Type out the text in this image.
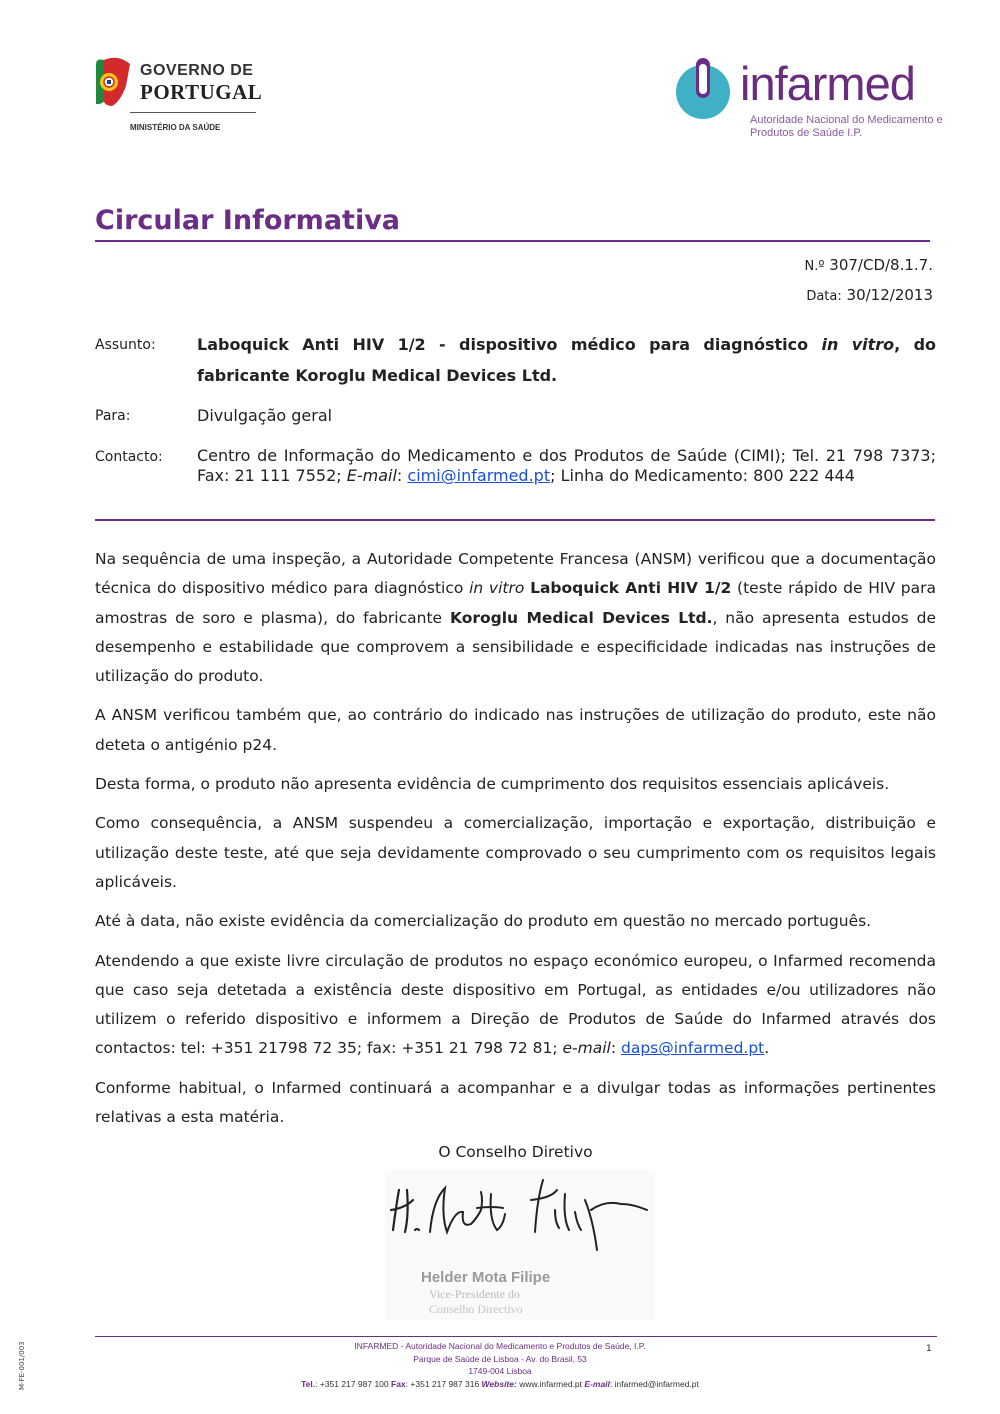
GOVERNO DE
PORTUGAL
MINISTÉRIO DA SAÚDE
infarmed
Autoridade Nacional do Medicamento e Produtos de Saúde I.P.
Circular Informativa
N.º 307/CD/8.1.7.
Data: 30/12/2013
Assunto:	Laboquick Anti HIV 1/2 - dispositivo médico para diagnóstico in vitro, do fabricante Koroglu Medical Devices Ltd.
Para:	Divulgação geral
Contacto: Centro de Informação do Medicamento e dos Produtos de Saúde (CIMI); Tel. 21 798 7373; Fax: 21 111 7552; E-mail: cimi@infarmed.pt; Linha do Medicamento: 800 222 444

Na sequência de uma inspeção, a Autoridade Competente Francesa (ANSM) verificou que a documentação técnica do dispositivo médico para diagnóstico in vitro Laboquick Anti HIV 1/2 (teste rápido de HIV para amostras de soro e plasma), do fabricante Koroglu Medical Devices Ltd., não apresenta estudos de desempenho e estabilidade que comprovem a sensibilidade e especificidade indicadas nas instruções de utilização do produto.

A ANSM verificou também que, ao contrário do indicado nas instruções de utilização do produto, este não deteta o antigénio p24.

Desta forma, o produto não apresenta evidência de cumprimento dos requisitos essenciais aplicáveis.

Como consequência, a ANSM suspendeu a comercialização, importação e exportação, distribuição e utilização deste teste, até que seja devidamente comprovado o seu cumprimento com os requisitos legais aplicáveis.

Até à data, não existe evidência da comercialização do produto em questão no mercado português.

Atendendo a que existe livre circulação de produtos no espaço económico europeu, o Infarmed recomenda que caso seja detetada a existência deste dispositivo em Portugal, as entidades e/ou utilizadores não utilizem o referido dispositivo e informem a Direção de Produtos de Saúde do Infarmed através dos contactos: tel: +351 21798 72 35; fax: +351 21 798 72 81; e-mail: daps@infarmed.pt.

Conforme habitual, o Infarmed continuará a acompanhar e a divulgar todas as informações pertinentes relativas a esta matéria.

O Conselho Diretivo
Helder Mota Filipe
Vice-Presidente do
Conselho Directivo
INFARMED - Autoridade Nacional do Medicamento e Produtos de Saúde, I.P.
Parque de Saúde de Lisboa - Av. do Brasil, 53
1749-004 Lisboa
Tel.: +351 217 987 100 Fax: +351 217 987 316 Website: www.infarmed.pt E-mail: infarmed@infarmed.pt
1
M-FE-001/003
